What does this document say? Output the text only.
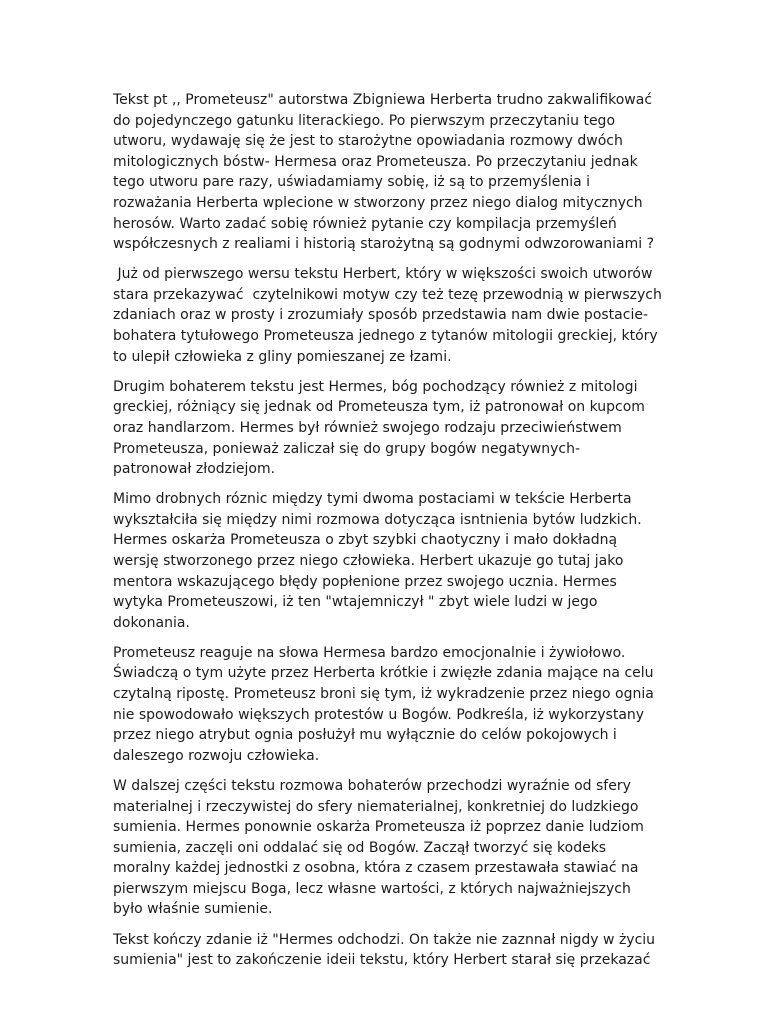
Tekst pt ,, Prometeusz" autorstwa Zbigniewa Herberta trudno zakwalifikować
do pojedynczego gatunku literackiego. Po pierwszym przeczytaniu tego
utworu, wydawaję się że jest to starożytne opowiadania rozmowy dwóch
mitologicznych bóstw- Hermesa oraz Prometeusza. Po przeczytaniu jednak
tego utworu pare razy, uświadamiamy sobię, iż są to przemyślenia i
rozważania Herberta wplecione w stworzony przez niego dialog mitycznych
herosów. Warto zadać sobię również pytanie czy kompilacja przemyśleń
współczesnych z realiami i historią starożytną są godnymi odwzorowaniami ?

Już od pierwszego wersu tekstu Herbert, który w większości swoich utworów
stara przekazywać  czytelnikowi motyw czy też tezę przewodnią w pierwszych
zdaniach oraz w prosty i zrozumiały sposób przedstawia nam dwie postacie-
bohatera tytułowego Prometeusza jednego z tytanów mitologii greckiej, który
to ulepił człowieka z gliny pomieszanej ze łzami.

Drugim bohaterem tekstu jest Hermes, bóg pochodzący również z mitologi
greckiej, różniący się jednak od Prometeusza tym, iż patronował on kupcom
oraz handlarzom. Hermes był również swojego rodzaju przeciwieństwem
Prometeusza, ponieważ zaliczał się do grupy bogów negatywnych-
patronował złodziejom.

Mimo drobnych róznic między tymi dwoma postaciami w tekście Herberta
wykształciła się między nimi rozmowa dotycząca isntnienia bytów ludzkich.
Hermes oskarża Prometeusza o zbyt szybki chaotyczny i mało dokładną
wersję stworzonego przez niego człowieka. Herbert ukazuje go tutaj jako
mentora wskazującego błędy popłenione przez swojego ucznia. Hermes
wytyka Prometeuszowi, iż ten "wtajemniczył " zbyt wiele ludzi w jego
dokonania.

Prometeusz reaguje na słowa Hermesa bardzo emocjonalnie i żywiołowo.
Świadczą o tym użyte przez Herberta krótkie i zwięzłe zdania mające na celu
czytalną ripostę. Prometeusz broni się tym, iż wykradzenie przez niego ognia
nie spowodowało większych protestów u Bogów. Podkreśla, iż wykorzystany
przez niego atrybut ognia posłużył mu wyłącznie do celów pokojowych i
daleszego rozwoju człowieka.

W dalszej części tekstu rozmowa bohaterów przechodzi wyraźnie od sfery
materialnej i rzeczywistej do sfery niematerialnej, konkretniej do ludzkiego
sumienia. Hermes ponownie oskarża Prometeusza iż poprzez danie ludziom
sumienia, zaczęli oni oddalać się od Bogów. Zaczął tworzyć się kodeks
moralny każdej jednostki z osobna, która z czasem przestawała stawiać na
pierwszym miejscu Boga, lecz własne wartości, z których najważniejszych
było właśnie sumienie.

Tekst kończy zdanie iż "Hermes odchodzi. On także nie zaznnał nigdy w życiu
sumienia" jest to zakończenie ideii tekstu, który Herbert starał się przekazać
